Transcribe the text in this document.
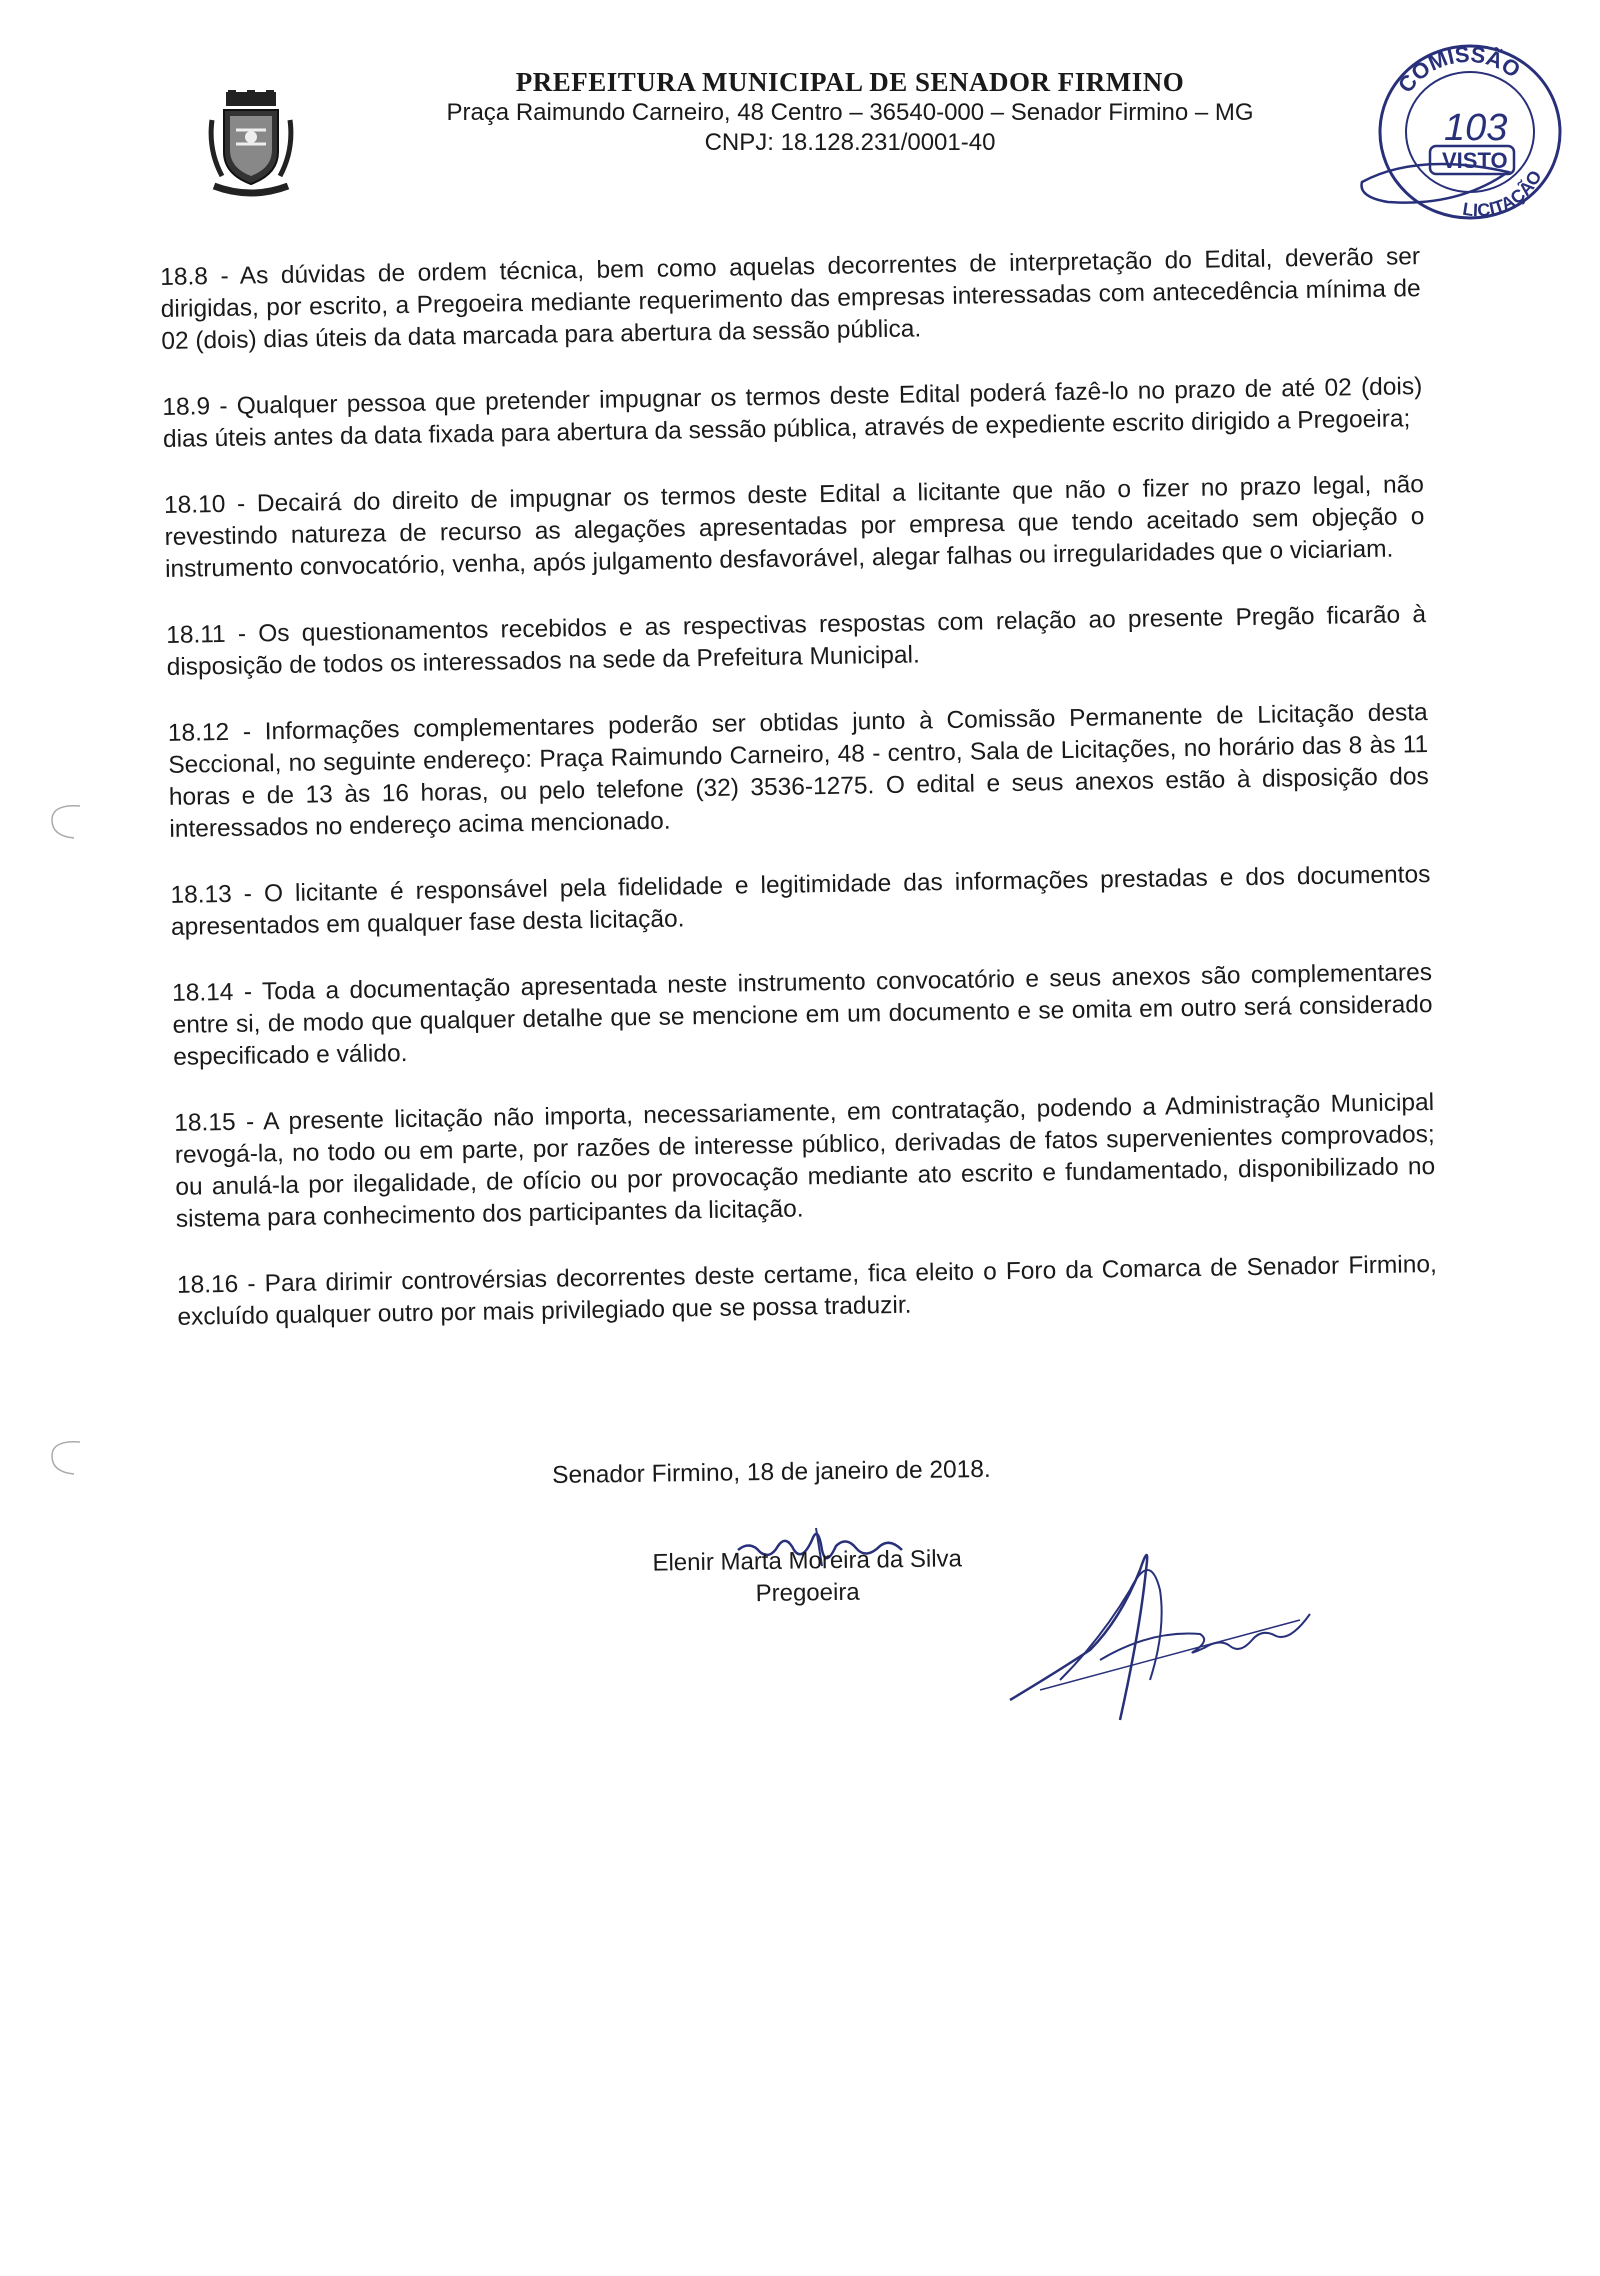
PREFEITURA MUNICIPAL DE SENADOR FIRMINO

Praça Raimundo Carneiro, 48 Centro – 36540-000 – Senador Firmino – MG

CNPJ: 18.128.231/0001-40

COMISSÃO
103
VISTO
LICITAÇÃO

18.8 - As dúvidas de ordem técnica, bem como aquelas decorrentes de interpretação do Edital, deverão ser dirigidas, por escrito, a Pregoeira mediante requerimento das empresas interessadas com antecedência mínima de 02 (dois) dias úteis da data marcada para abertura da sessão pública.

18.9 - Qualquer pessoa que pretender impugnar os termos deste Edital poderá fazê-lo no prazo de até 02 (dois) dias úteis antes da data fixada para abertura da sessão pública, através de expediente escrito dirigido a Pregoeira;

18.10 - Decairá do direito de impugnar os termos deste Edital a licitante que não o fizer no prazo legal, não revestindo natureza de recurso as alegações apresentadas por empresa que tendo aceitado sem objeção o instrumento convocatório, venha, após julgamento desfavorável, alegar falhas ou irregularidades que o viciariam.

18.11 - Os questionamentos recebidos e as respectivas respostas com relação ao presente Pregão ficarão à disposição de todos os interessados na sede da Prefeitura Municipal.

18.12 - Informações complementares poderão ser obtidas junto à Comissão Permanente de Licitação desta Seccional, no seguinte endereço: Praça Raimundo Carneiro, 48 - centro, Sala de Licitações, no horário das 8 às 11 horas e de 13 às 16 horas, ou pelo telefone (32) 3536-1275. O edital e seus anexos estão à disposição dos interessados no endereço acima mencionado.

18.13 - O licitante é responsável pela fidelidade e legitimidade das informações prestadas e dos documentos apresentados em qualquer fase desta licitação.

18.14 - Toda a documentação apresentada neste instrumento convocatório e seus anexos são complementares entre si, de modo que qualquer detalhe que se mencione em um documento e se omita em outro será considerado especificado e válido.

18.15 - A presente licitação não importa, necessariamente, em contratação, podendo a Administração Municipal revogá-la, no todo ou em parte, por razões de interesse público, derivadas de fatos supervenientes comprovados; ou anulá-la por ilegalidade, de ofício ou por provocação mediante ato escrito e fundamentado, disponibilizado no sistema para conhecimento dos participantes da licitação.

18.16 - Para dirimir controvérsias decorrentes deste certame, fica eleito o Foro da Comarca de Senador Firmino, excluído qualquer outro por mais privilegiado que se possa traduzir.

Senador Firmino, 18 de janeiro de 2018.

Elenir Marta Moreira da Silva

Pregoeira
